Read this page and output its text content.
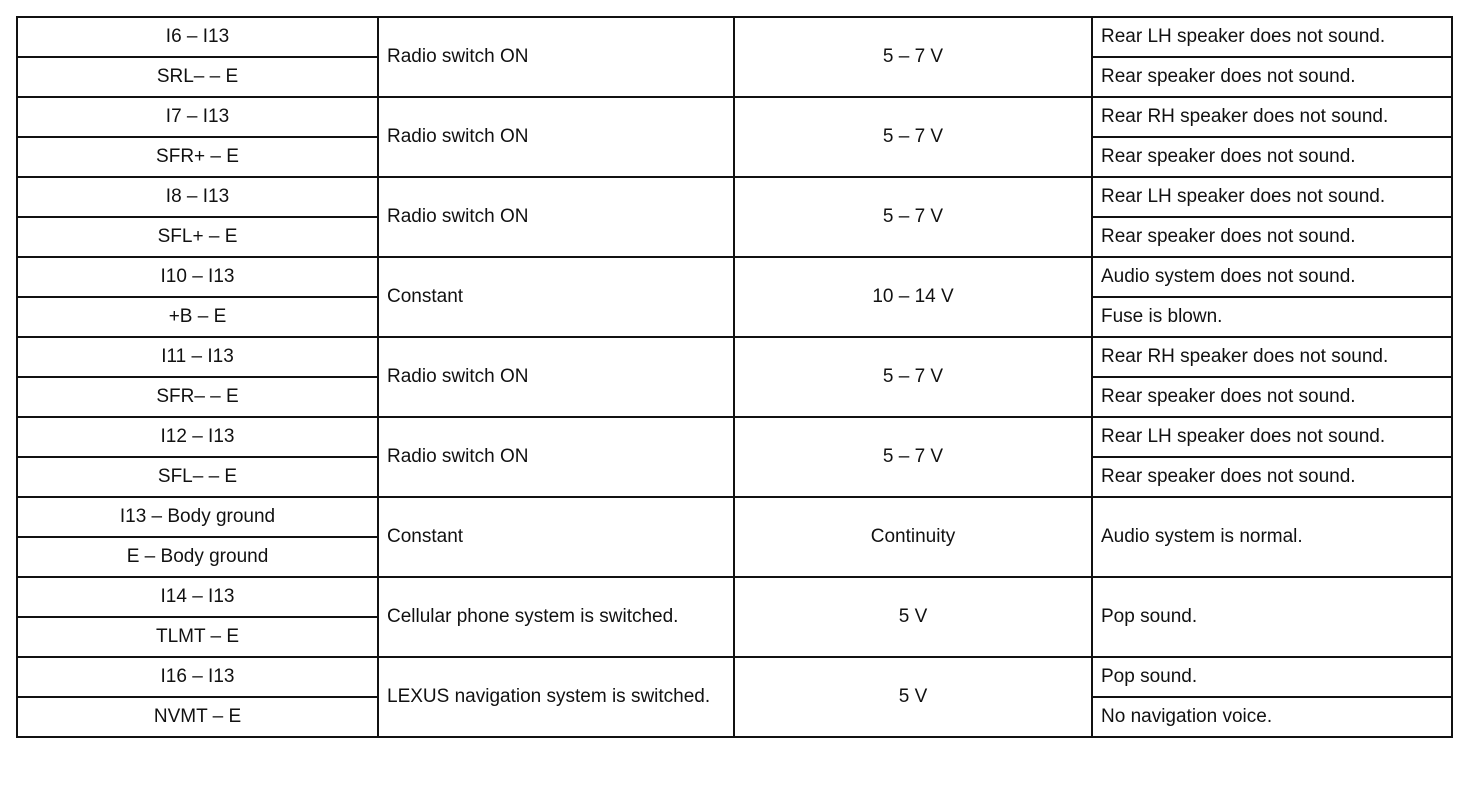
I6 – I13	Radio switch ON	5 – 7 V	Rear LH speaker does not sound.
SRL– – E			Rear speaker does not sound.
I7 – I13	Radio switch ON	5 – 7 V	Rear RH speaker does not sound.
SFR+ – E			Rear speaker does not sound.
I8 – I13	Radio switch ON	5 – 7 V	Rear LH speaker does not sound.
SFL+ – E			Rear speaker does not sound.
I10 – I13	Constant	10 – 14 V	Audio system does not sound.
+B – E			Fuse is blown.
I11 – I13	Radio switch ON	5 – 7 V	Rear RH speaker does not sound.
SFR– – E			Rear speaker does not sound.
I12 – I13	Radio switch ON	5 – 7 V	Rear LH speaker does not sound.
SFL– – E			Rear speaker does not sound.
I13 – Body ground	Constant	Continuity	Audio system is normal.
E – Body ground			
I14 – I13	Cellular phone system is switched.	5 V	Pop sound.
TLMT – E			
I16 – I13	LEXUS navigation system is switched.	5 V	Pop sound.
NVMT – E			No navigation voice.
